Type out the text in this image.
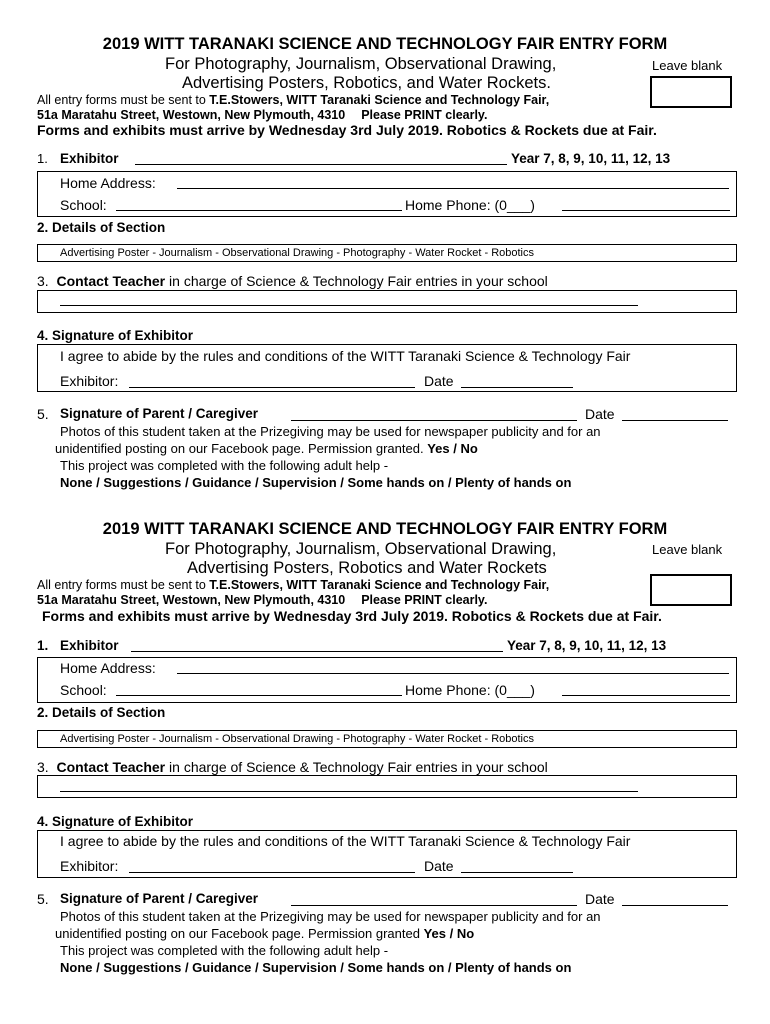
2019 WITT TARANAKI SCIENCE AND TECHNOLOGY FAIR ENTRY FORM
For Photography, Journalism, Observational Drawing,
Advertising Posters, Robotics, and Water Rockets.
Leave blank
All entry forms must be sent to T.E.Stowers, WITT Taranaki Science and Technology Fair,
51a Maratahu Street, Westown, New Plymouth, 4310 Please PRINT clearly.
Forms and exhibits must arrive by Wednesday 3rd July 2019. Robotics & Rockets due at Fair.
1. Exhibitor	Year 7, 8, 9, 10, 11, 12, 13
Home Address:
School:	Home Phone: (0___)
2. Details of Section
Advertising Poster - Journalism - Observational Drawing - Photography - Water Rocket - Robotics
3. Contact Teacher in charge of Science & Technology Fair entries in your school
4. Signature of Exhibitor
I agree to abide by the rules and conditions of the WITT Taranaki Science & Technology Fair
Exhibitor:	Date
5. Signature of Parent / Caregiver	Date
Photos of this student taken at the Prizegiving may be used for newspaper publicity and for an
unidentified posting on our Facebook page. Permission granted. Yes / No
This project was completed with the following adult help -
None / Suggestions / Guidance / Supervision / Some hands on / Plenty of hands on
2019 WITT TARANAKI SCIENCE AND TECHNOLOGY FAIR ENTRY FORM
For Photography, Journalism, Observational Drawing,
Advertising Posters, Robotics and Water Rockets
Leave blank
All entry forms must be sent to T.E.Stowers, WITT Taranaki Science and Technology Fair,
51a Maratahu Street, Westown, New Plymouth, 4310 Please PRINT clearly.
Forms and exhibits must arrive by Wednesday 3rd July 2019. Robotics & Rockets due at Fair.
1. Exhibitor	Year 7, 8, 9, 10, 11, 12, 13
Home Address:
School:	Home Phone: (0___)
2. Details of Section
Advertising Poster - Journalism - Observational Drawing - Photography - Water Rocket - Robotics
3. Contact Teacher in charge of Science & Technology Fair entries in your school
4. Signature of Exhibitor
I agree to abide by the rules and conditions of the WITT Taranaki Science & Technology Fair
Exhibitor:	Date
5. Signature of Parent / Caregiver	Date
Photos of this student taken at the Prizegiving may be used for newspaper publicity and for an
unidentified posting on our Facebook page. Permission granted Yes / No
This project was completed with the following adult help -
None / Suggestions / Guidance / Supervision / Some hands on / Plenty of hands on
